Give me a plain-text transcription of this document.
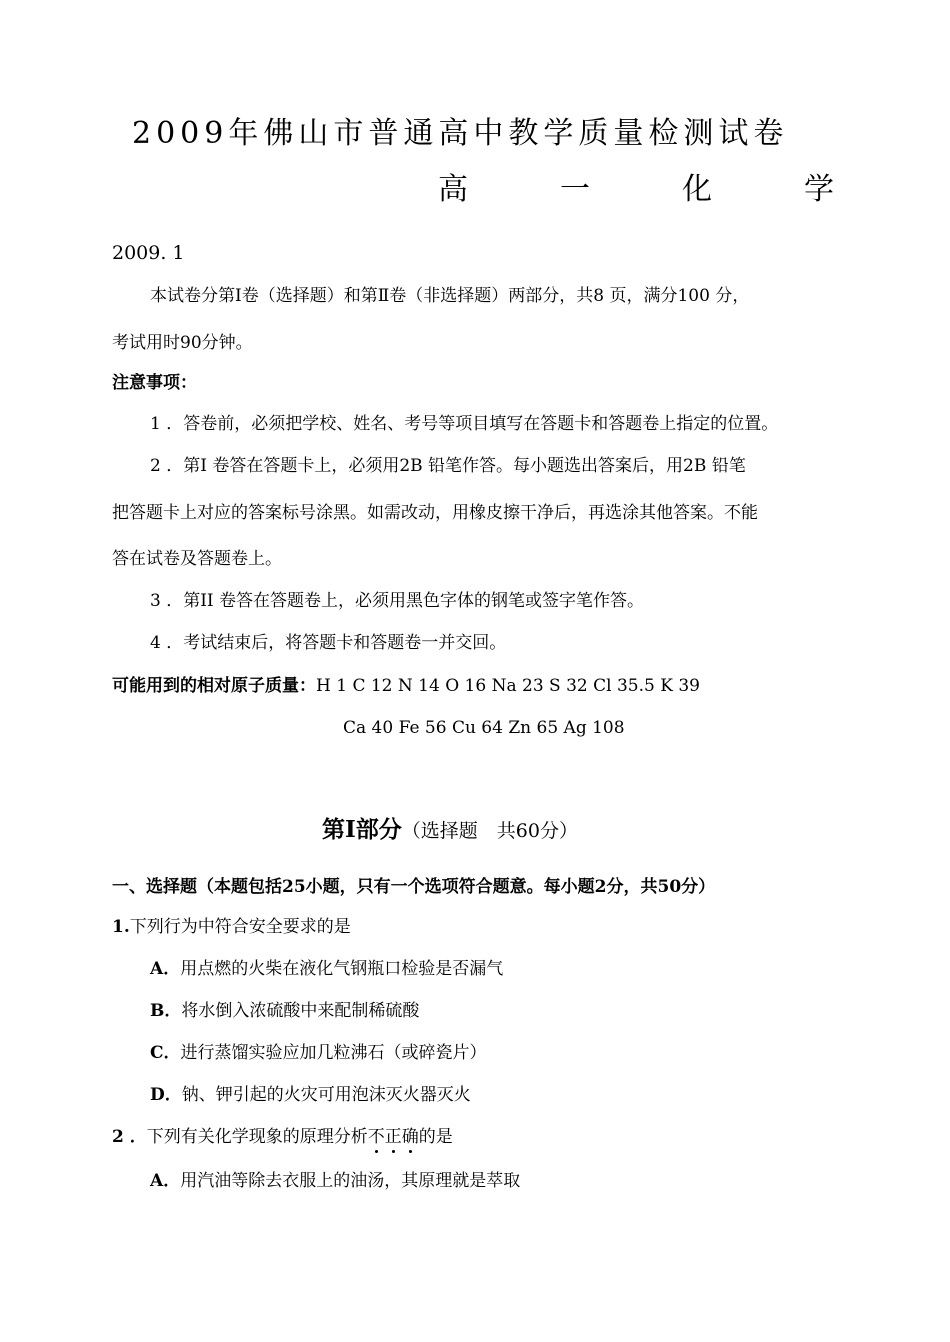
2009年佛山市普通高中教学质量检测试卷
高	一	化	学
2009. 1
本试卷分第Ⅰ卷（选择题）和第Ⅱ卷（非选择题）两部分，共8 页，满分100 分，
考试用时90分钟。
注意事项：
1 ．答卷前，必须把学校、姓名、考号等项目填写在答题卡和答题卷上指定的位置。
2 ．第I 卷答在答题卡上，必须用2B 铅笔作答。每小题选出答案后，用2B 铅笔
把答题卡上对应的答案标号涂黑。如需改动，用橡皮擦干净后，再选涂其他答案。不能
答在试卷及答题卷上。
3 ．第II 卷答在答题卷上，必须用黑色字体的钢笔或签字笔作答。
4 ．考试结束后，将答题卡和答题卷一并交回。
可能用到的相对原子质量：H 1 C 12 N 14 O 16 Na 23 S 32 Cl 35.5 K 39
Ca 40 Fe 56 Cu 64 Zn 65 Ag 108
第I部分（选择题　共60分）
一、选择题（本题包括25小题，只有一个选项符合题意。每小题2分，共50分）
1.下列行为中符合安全要求的是
A．用点燃的火柴在液化气钢瓶口检验是否漏气
B．将水倒入浓硫酸中来配制稀硫酸
C．进行蒸馏实验应加几粒沸石（或碎瓷片）
D．钠、钾引起的火灾可用泡沫灭火器灭火
2 ．下列有关化学现象的原理分析不
正
确
的是
A．用汽油等除去衣服上的油汤，其原理就是萃取
